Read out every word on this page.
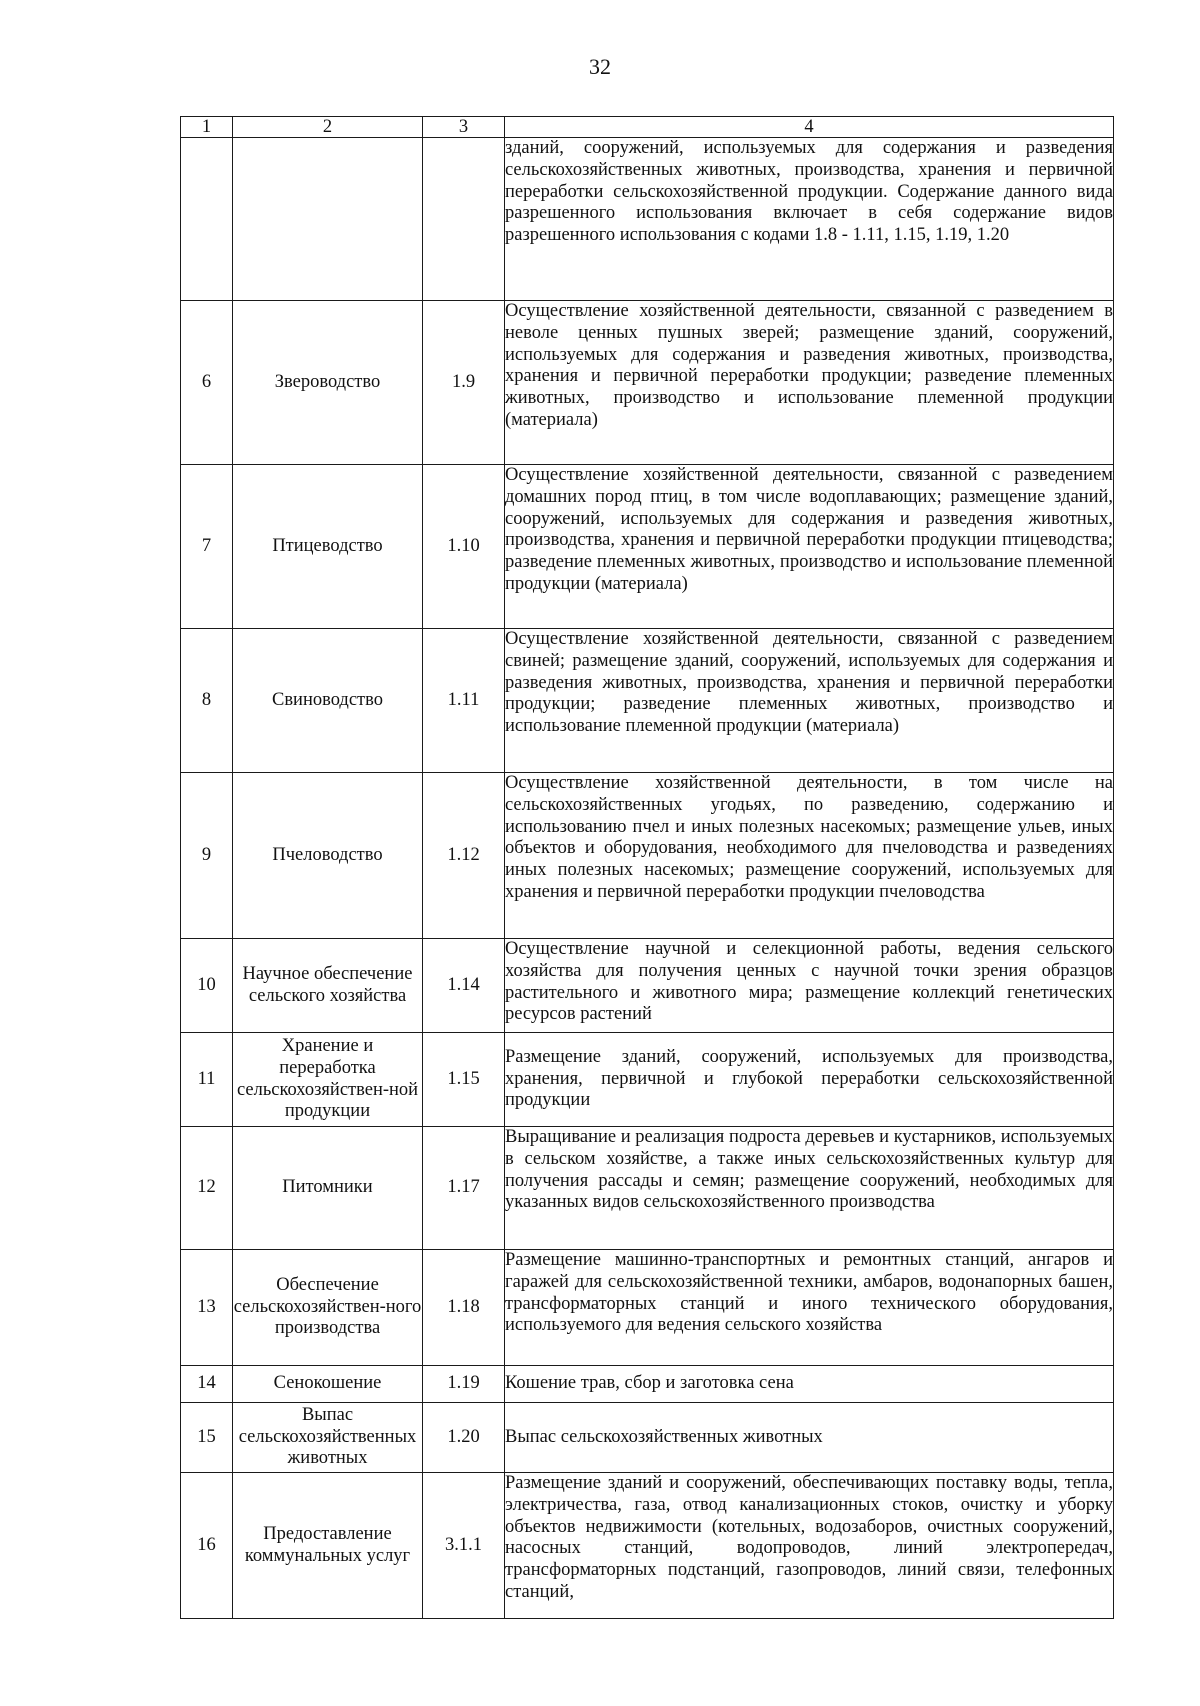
32
1	2	3	4
			зданий, сооружений, используемых для содержания и разведения сельскохозяйственных животных, производства, хранения и первичной переработки сельскохозяйственной продукции. Содержание данного вида разрешенного использования включает в себя содержание видов разрешенного использования с кодами 1.8 - 1.11, 1.15, 1.19, 1.20
6	Звероводство	1.9	Осуществление хозяйственной деятельности, связанной с разведением в неволе ценных пушных зверей; размещение зданий, сооружений, используемых для содержания и разведения животных, производства, хранения и первичной переработки продукции; разведение племенных животных, производство и использование племенной продукции (материала)
7	Птицеводство	1.10	Осуществление хозяйственной деятельности, связанной с разведением домашних пород птиц, в том числе водоплавающих; размещение зданий, сооружений, используемых для содержания и разведения животных, производства, хранения и первичной переработки продукции птицеводства; разведение племенных животных, производство и использование племенной продукции (материала)
8	Свиноводство	1.11	Осуществление хозяйственной деятельности, связанной с разведением свиней; размещение зданий, сооружений, используемых для содержания и разведения животных, производства, хранения и первичной переработки продукции; разведение племенных животных, производство и использование племенной продукции (материала)
9	Пчеловодство	1.12	Осуществление хозяйственной деятельности, в том числе на сельскохозяйственных угодьях, по разведению, содержанию и использованию пчел и иных полезных насекомых; размещение ульев, иных объектов и оборудования, необходимого для пчеловодства и разведениях иных полезных насекомых; размещение сооружений, используемых для хранения и первичной переработки продукции пчеловодства
10	Научное обеспечение сельского хозяйства	1.14	Осуществление научной и селекционной работы, ведения сельского хозяйства для получения ценных с научной точки зрения образцов растительного и животного мира; размещение коллекций генетических ресурсов растений
11	Хранение и переработка сельскохозяйствен-ной продукции	1.15	Размещение зданий, сооружений, используемых для производства, хранения, первичной и глубокой переработки сельскохозяйственной продукции
12	Питомники	1.17	Выращивание и реализация подроста деревьев и кустарников, используемых в сельском хозяйстве, а также иных сельскохозяйственных культур для получения рассады и семян; размещение сооружений, необходимых для указанных видов сельскохозяйственного производства
13	Обеспечение сельскохозяйствен-ного производства	1.18	Размещение машинно-транспортных и ремонтных станций, ангаров и гаражей для сельскохозяйственной техники, амбаров, водонапорных башен, трансформаторных станций и иного технического оборудования, используемого для ведения сельского хозяйства
14	Сенокошение	1.19	Кошение трав, сбор и заготовка сена
15	Выпас сельскохозяйственных животных	1.20	Выпас сельскохозяйственных животных
16	Предоставление коммунальных услуг	3.1.1	Размещение зданий и сооружений, обеспечивающих поставку воды, тепла, электричества, газа, отвод канализационных стоков, очистку и уборку объектов недвижимости (котельных, водозаборов, очистных сооружений, насосных станций, водопроводов, линий электропередач, трансформаторных подстанций, газопроводов, линий связи, телефонных станций,
